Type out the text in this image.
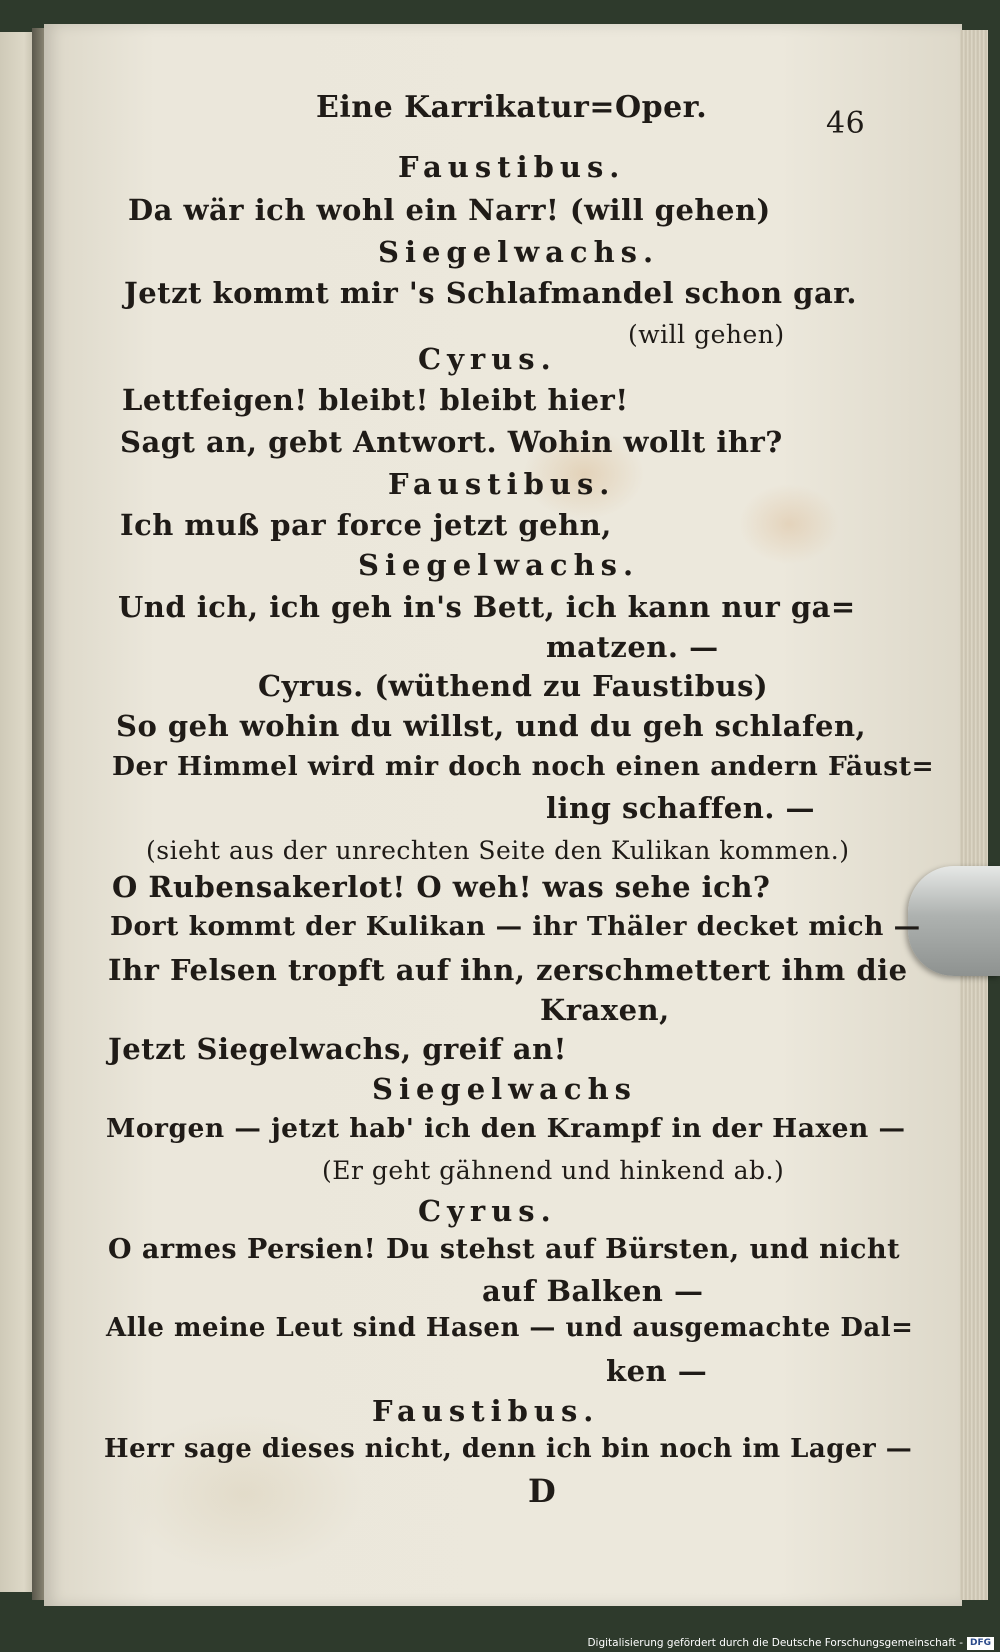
Eine Karrikatur=Oper.	46
Faustibus.
Da wär ich wohl ein Narr! (will gehen)
Siegelwachs.
Jetzt kommt mir 's Schlafmandel schon gar.
(will gehen)
Cyrus.
Lettfeigen! bleibt! bleibt hier!
Sagt an, gebt Antwort. Wohin wollt ihr?
Faustibus.
Ich muß par force jetzt gehn,
Siegelwachs.
Und ich, ich geh in's Bett, ich kann nur ga=
matzen. —
Cyrus. (wüthend zu Faustibus)
So geh wohin du willst, und du geh schlafen,
Der Himmel wird mir doch noch einen andern Fäust=
ling schaffen. —
(sieht aus der unrechten Seite den Kulikan kommen.)
O Rubensakerlot! O weh! was sehe ich?
Dort kommt der Kulikan — ihr Thäler decket mich —
Ihr Felsen tropft auf ihn, zerschmettert ihm die
Kraxen,
Jetzt Siegelwachs, greif an!
Siegelwachs
Morgen — jetzt hab' ich den Krampf in der Haxen —
(Er geht gähnend und hinkend ab.)
Cyrus.
O armes Persien! Du stehst auf Bürsten, und nicht
auf Balken —
Alle meine Leut sind Hasen — und ausgemachte Dal=
ken —
Faustibus.
Herr sage dieses nicht, denn ich bin noch im Lager —
D
Digitalisierung gefördert durch die Deutsche Forschungsgemeinschaft - DFG
